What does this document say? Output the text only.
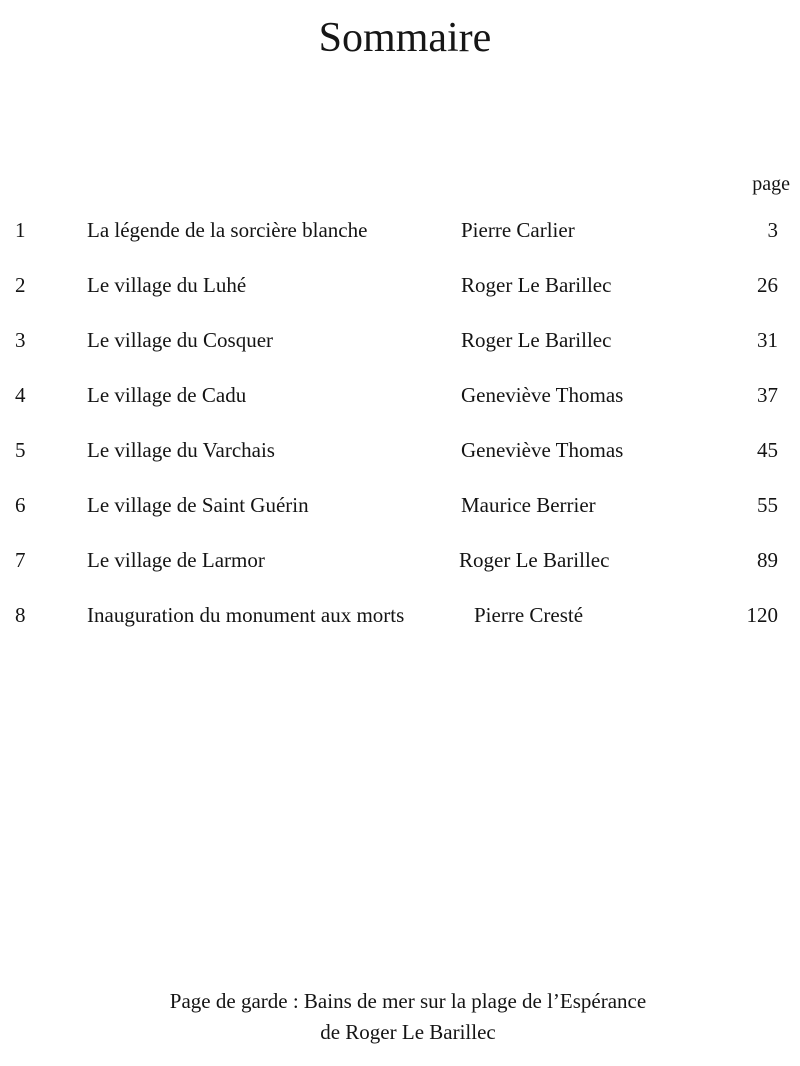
Sommaire
page
1	La légende de la sorcière blanche	Pierre Carlier	3
2	Le village du Luhé	Roger Le Barillec	26
3	Le village du Cosquer	Roger Le Barillec	31
4	Le village de Cadu	Geneviève Thomas	37
5	Le village du Varchais	Geneviève Thomas	45
6	Le village de Saint Guérin	Maurice Berrier	55
7	Le village de Larmor	Roger Le Barillec	89
8	Inauguration du monument aux morts	Pierre Cresté	120
Page de garde : Bains de mer sur la plage de l’Espérance
de Roger Le Barillec
